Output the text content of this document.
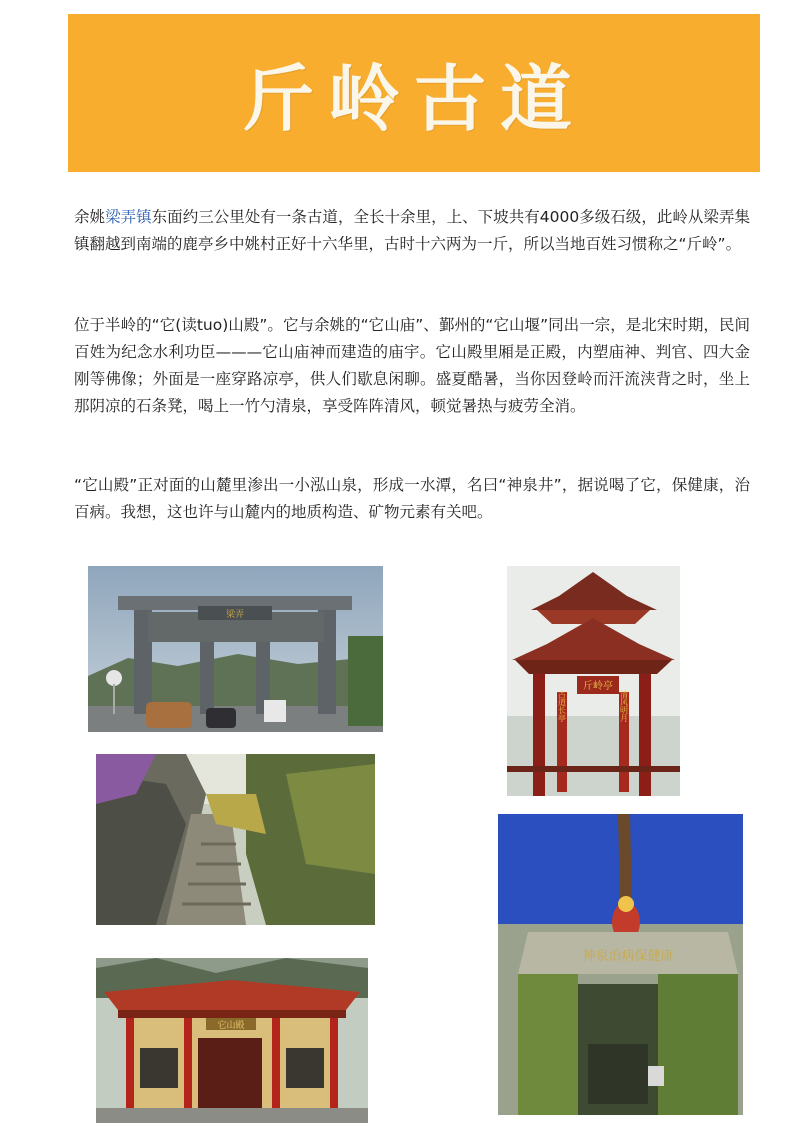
斤岭古道

余姚梁弄镇东面约三公里处有一条古道，全长十余里，上、下坡共有4000多级石级，此岭从梁弄集镇翻越到南端的鹿亭乡中姚村正好十六华里，古时十六两为一斤，所以当地百姓习惯称之“斤岭”。

位于半岭的“它(读tuo)山殿”。它与余姚的“它山庙”、鄞州的“它山堰”同出一宗，是北宋时期，民间百姓为纪念水利功臣———它山庙神而建造的庙宇。它山殿里厢是正殿，内塑庙神、判官、四大金刚等佛像；外面是一座穿路凉亭，供人们歇息闲聊。盛夏酷暑，当你因登岭而汗流浃背之时，坐上那阴凉的石条凳，喝上一竹勺清泉，享受阵阵清风，顿觉暑热与疲劳全消。

“它山殿”正对面的山麓里渗出一小泓山泉，形成一水潭，名曰“神泉井”，据说喝了它，保健康，治百病。我想，这也许与山麓内的地质构造、矿物元素有关吧。

梁弄
斤岭亭
古道长亭	清风明月
神泉治病保健康
它山殿
